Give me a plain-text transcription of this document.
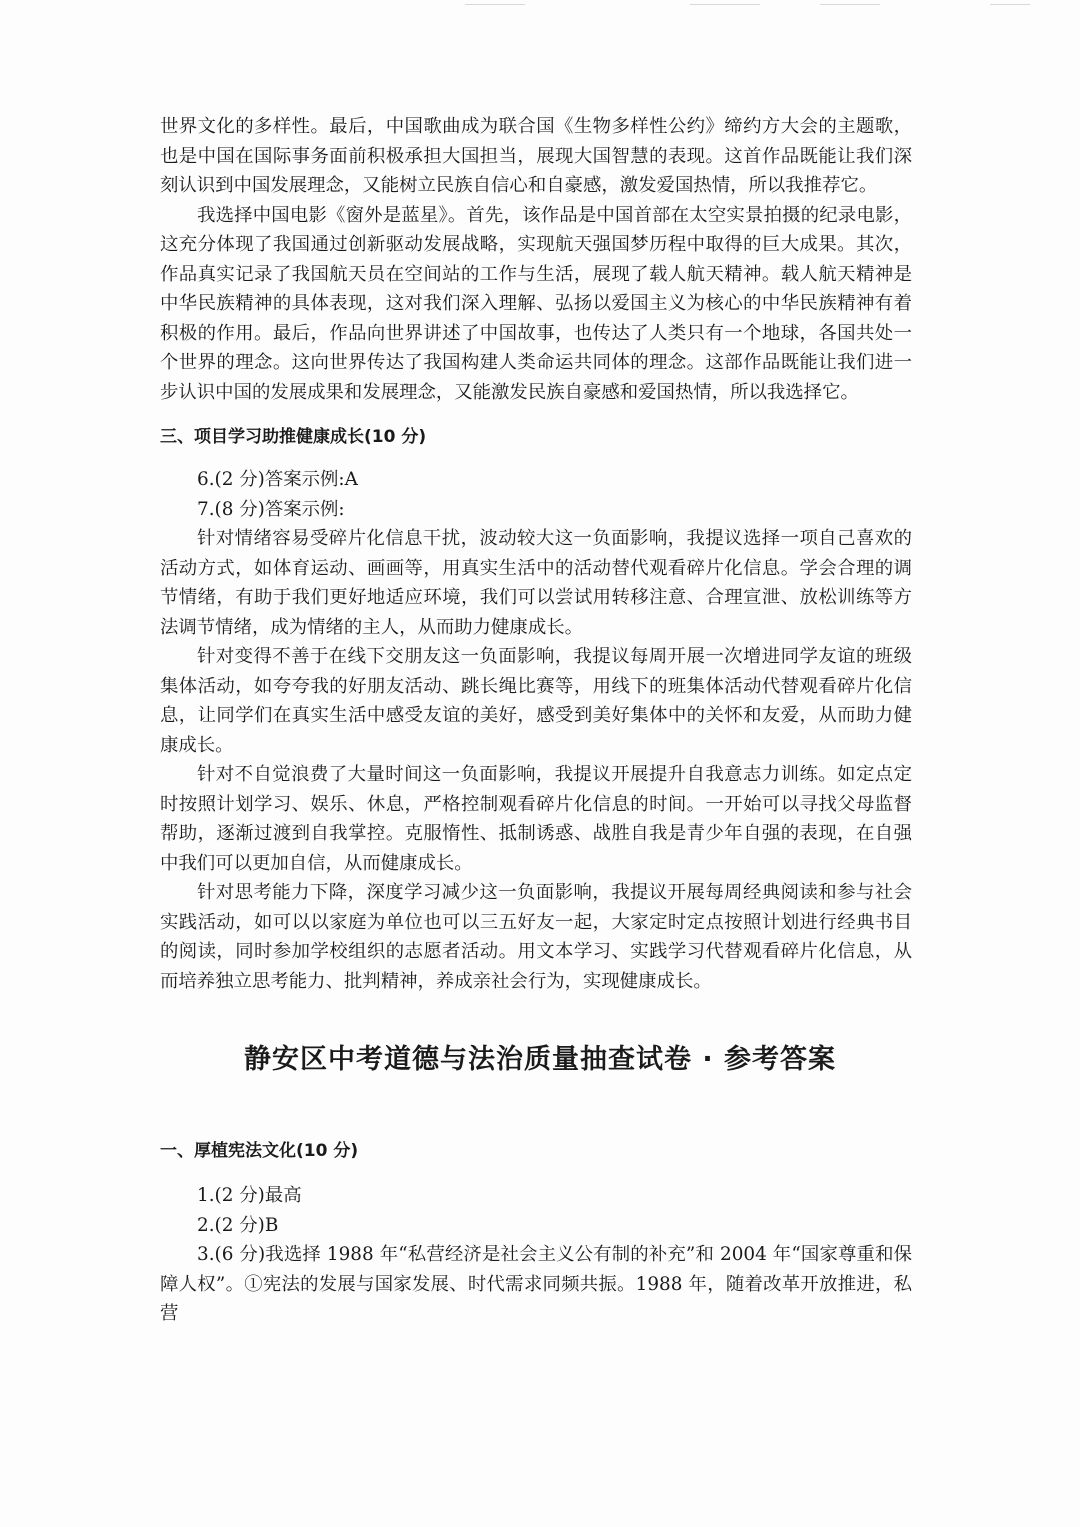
世界文化的多样性。最后，中国歌曲成为联合国《生物多样性公约》缔约方大会的主题歌，也是中国在国际事务面前积极承担大国担当，展现大国智慧的表现。这首作品既能让我们深刻认识到中国发展理念，又能树立民族自信心和自豪感，激发爱国热情，所以我推荐它。

我选择中国电影《窗外是蓝星》。首先，该作品是中国首部在太空实景拍摄的纪录电影，这充分体现了我国通过创新驱动发展战略，实现航天强国梦历程中取得的巨大成果。其次，作品真实记录了我国航天员在空间站的工作与生活，展现了载人航天精神。载人航天精神是中华民族精神的具体表现，这对我们深入理解、弘扬以爱国主义为核心的中华民族精神有着积极的作用。最后，作品向世界讲述了中国故事，也传达了人类只有一个地球，各国共处一个世界的理念。这向世界传达了我国构建人类命运共同体的理念。这部作品既能让我们进一步认识中国的发展成果和发展理念，又能激发民族自豪感和爱国热情，所以我选择它。

三、项目学习助推健康成长(10 分)

6.(2 分)答案示例:A

7.(8 分)答案示例:

针对情绪容易受碎片化信息干扰，波动较大这一负面影响，我提议选择一项自己喜欢的活动方式，如体育运动、画画等，用真实生活中的活动替代观看碎片化信息。学会合理的调节情绪，有助于我们更好地适应环境，我们可以尝试用转移注意、合理宣泄、放松训练等方法调节情绪，成为情绪的主人，从而助力健康成长。

针对变得不善于在线下交朋友这一负面影响，我提议每周开展一次增进同学友谊的班级集体活动，如夸夸我的好朋友活动、跳长绳比赛等，用线下的班集体活动代替观看碎片化信息，让同学们在真实生活中感受友谊的美好，感受到美好集体中的关怀和友爱，从而助力健康成长。

针对不自觉浪费了大量时间这一负面影响，我提议开展提升自我意志力训练。如定点定时按照计划学习、娱乐、休息，严格控制观看碎片化信息的时间。一开始可以寻找父母监督帮助，逐渐过渡到自我掌控。克服惰性、抵制诱惑、战胜自我是青少年自强的表现，在自强中我们可以更加自信，从而健康成长。

针对思考能力下降，深度学习减少这一负面影响，我提议开展每周经典阅读和参与社会实践活动，如可以以家庭为单位也可以三五好友一起，大家定时定点按照计划进行经典书目的阅读，同时参加学校组织的志愿者活动。用文本学习、实践学习代替观看碎片化信息，从而培养独立思考能力、批判精神，养成亲社会行为，实现健康成长。

静安区中考道德与法治质量抽查试卷 · 参考答案
一、厚植宪法文化(10 分)

1.(2 分)最高

2.(2 分)B

3.(6 分)我选择 1988 年“私营经济是社会主义公有制的补充”和 2004 年“国家尊重和保障人权”。①宪法的发展与国家发展、时代需求同频共振。1988 年，随着改革开放推进，私营
